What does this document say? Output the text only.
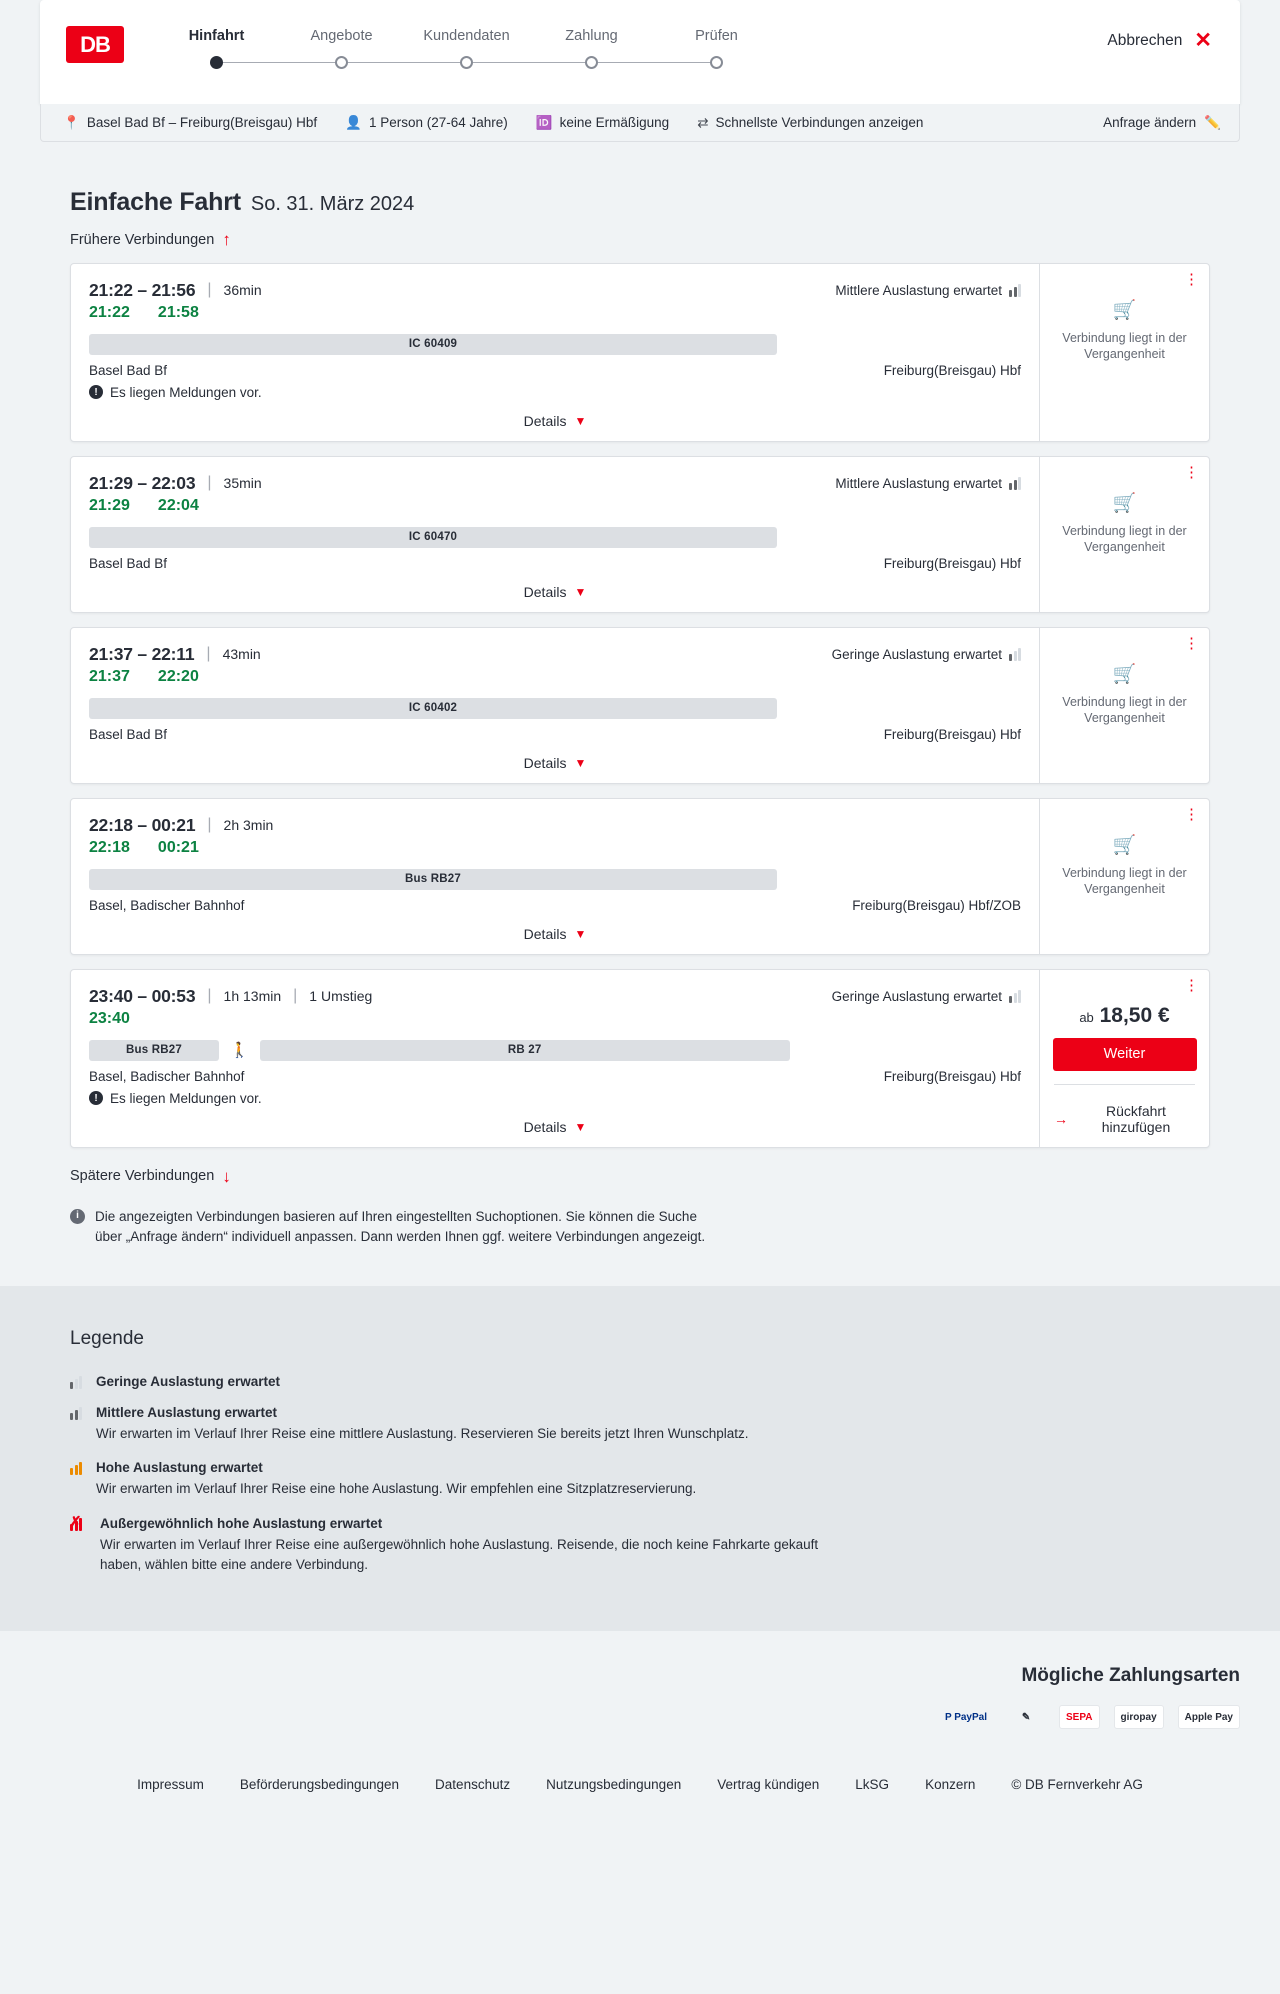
DB	Hinfahrt	Angebote	Kundendaten	Zahlung	Prüfen	Abbrechen ✕
📍 Basel Bad Bf – Freiburg(Breisgau) Hbf 👤 1 Person (27-64 Jahre) 🆔 keine Ermäßigung ⇄ Schnellste Verbindungen anzeigen	Anfrage ändern ✏️
Einfache Fahrt So. 31. März 2024
Frühere Verbindungen ↑
21:22 – 21:56 | 36min	Mittlere Auslastung erwartet
21:22 21:58
IC 60409
Basel Bad Bf	Freiburg(Breisgau) Hbf
! Es liegen Meldungen vor.
Details ▼
⋮
🛒
Verbindung liegt in der Vergangenheit
21:29 – 22:03 | 35min	Mittlere Auslastung erwartet
21:29 22:04
IC 60470
Basel Bad Bf	Freiburg(Breisgau) Hbf
Details ▼
⋮
🛒
Verbindung liegt in der Vergangenheit
21:37 – 22:11 | 43min	Geringe Auslastung erwartet
21:37 22:20
IC 60402
Basel Bad Bf	Freiburg(Breisgau) Hbf
Details ▼
⋮
🛒
Verbindung liegt in der Vergangenheit
22:18 – 00:21 | 2h 3min
22:18 00:21
Bus RB27
Basel, Badischer Bahnhof	Freiburg(Breisgau) Hbf/ZOB
Details ▼
⋮
🛒
Verbindung liegt in der Vergangenheit
23:40 – 00:53 | 1h 13min | 1 Umstieg	Geringe Auslastung erwartet
23:40
Bus RB27	🚶	RB 27
Basel, Badischer Bahnhof	Freiburg(Breisgau) Hbf
! Es liegen Meldungen vor.
Details ▼
⋮
ab 18,50 €
Weiter
→	Rückfahrt hinzufügen
Spätere Verbindungen ↓
i	Die angezeigten Verbindungen basieren auf Ihren eingestellten Suchoptionen. Sie können die Suche über „Anfrage ändern“ individuell anpassen. Dann werden Ihnen ggf. weitere Verbindungen angezeigt.
Legende
Geringe Auslastung erwartet
Mittlere Auslastung erwartet
Wir erwarten im Verlauf Ihrer Reise eine mittlere Auslastung. Reservieren Sie bereits jetzt Ihren Wunschplatz.
Hohe Auslastung erwartet
Wir erwarten im Verlauf Ihrer Reise eine hohe Auslastung. Wir empfehlen eine Sitzplatzreservierung.
✗	Außergewöhnlich hohe Auslastung erwartet
Wir erwarten im Verlauf Ihrer Reise eine außergewöhnlich hohe Auslastung. Reisende, die noch keine Fahrkarte gekauft haben, wählen bitte eine andere Verbindung.
Mögliche Zahlungsarten
P PayPal	✎	SEPA	giropay	Apple Pay
Impressum	Beförderungsbedingungen	Datenschutz	Nutzungsbedingungen	Vertrag kündigen	LkSG	Konzern	© DB Fernverkehr AG
